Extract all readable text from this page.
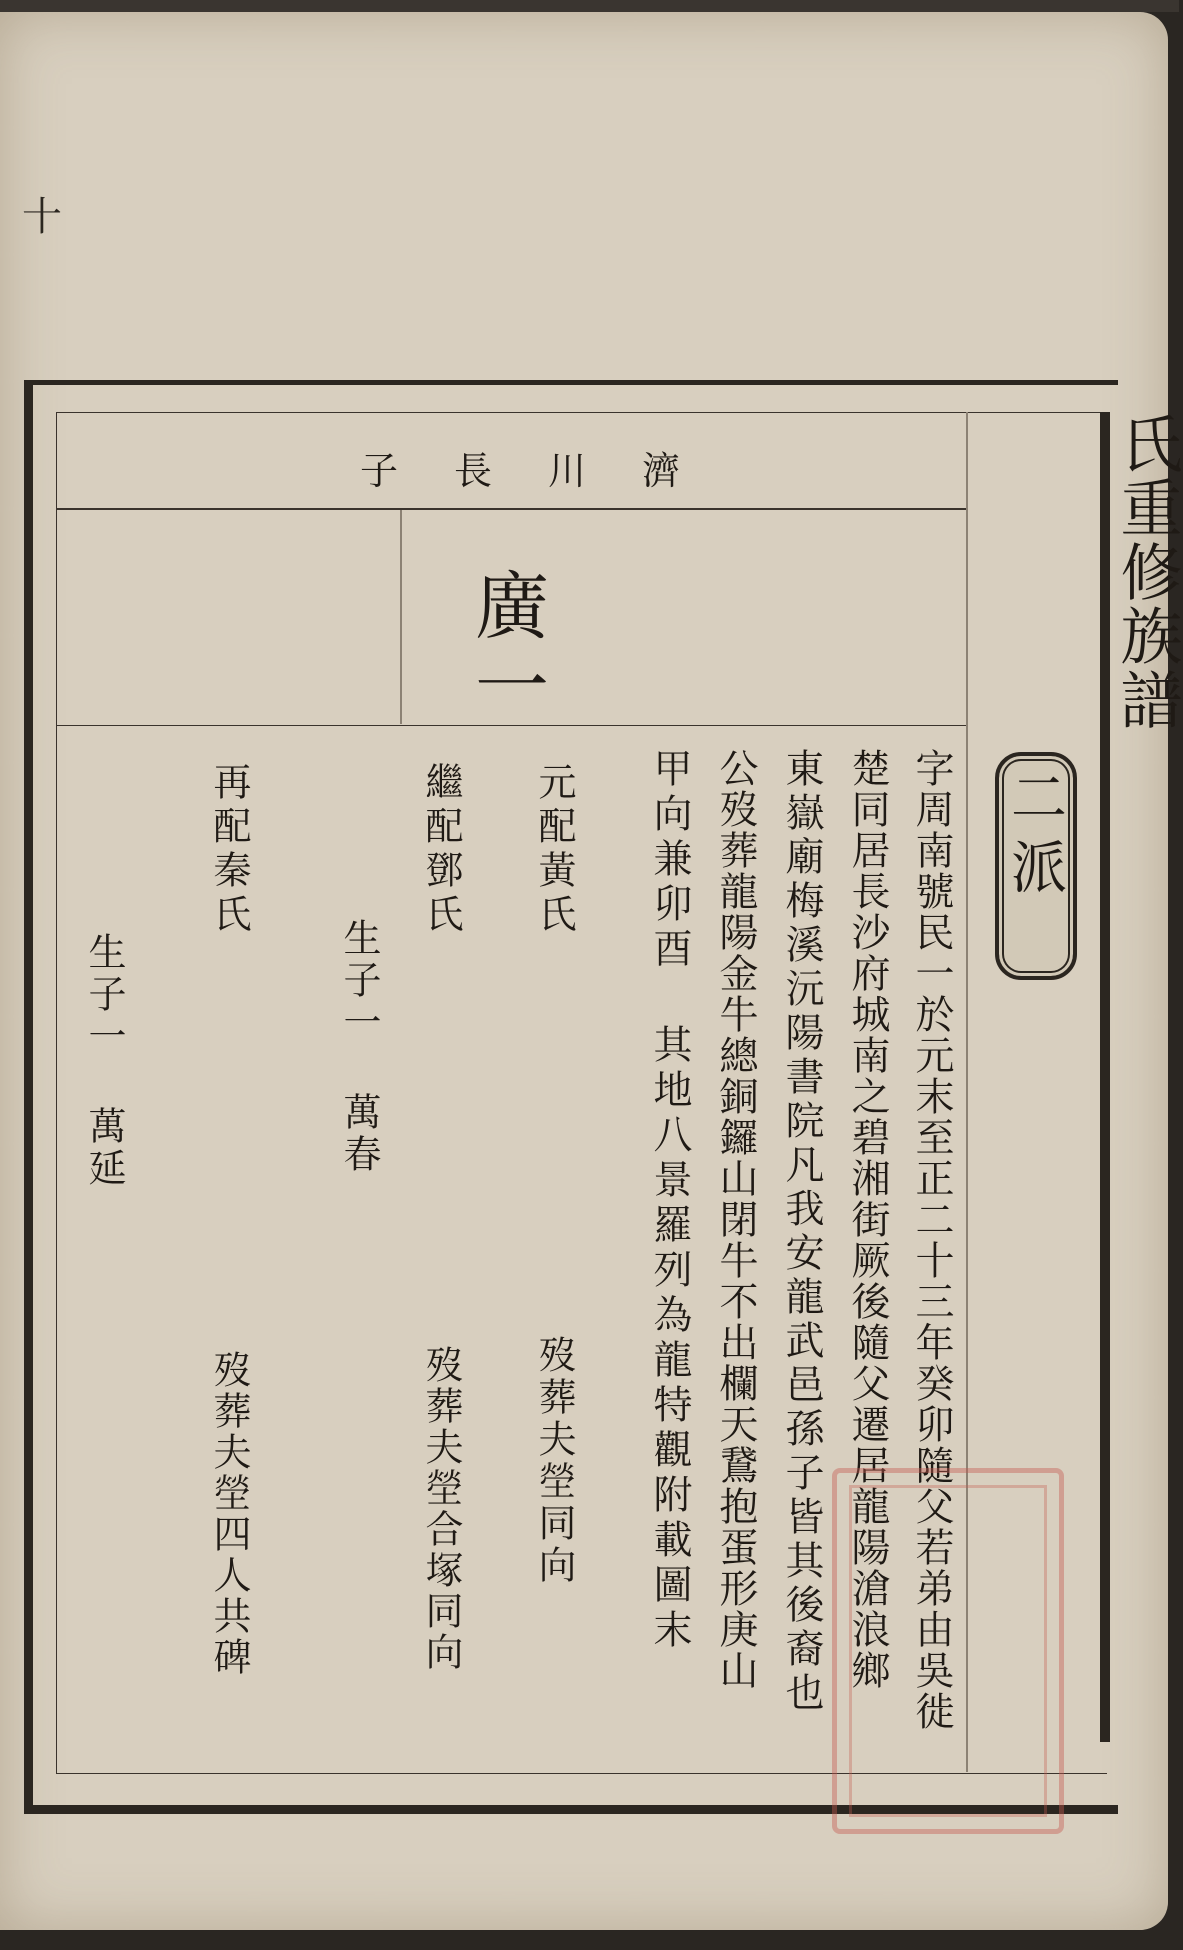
十
氏重修族譜
濟川長子
廣
一
二派
字周南號民一於元末至正二十三年癸卯隨父若弟由吳徙
楚同居長沙府城南之碧湘街厥後隨父遷居龍陽滄浪鄉
東嶽廟梅溪沅陽書院凡我安龍武邑孫子皆其後裔也
公歿葬龍陽金牛總銅鑼山閉牛不出欄天鵞抱蛋形庚山
甲向兼卯酉 其地八景羅列為龍特觀附載圖末
元配黃氏
歿葬夫塋同向
繼配鄧氏
生子一 萬春
歿葬夫塋合塚同向
再配秦氏
生子一 萬延
歿葬夫塋四人共碑
